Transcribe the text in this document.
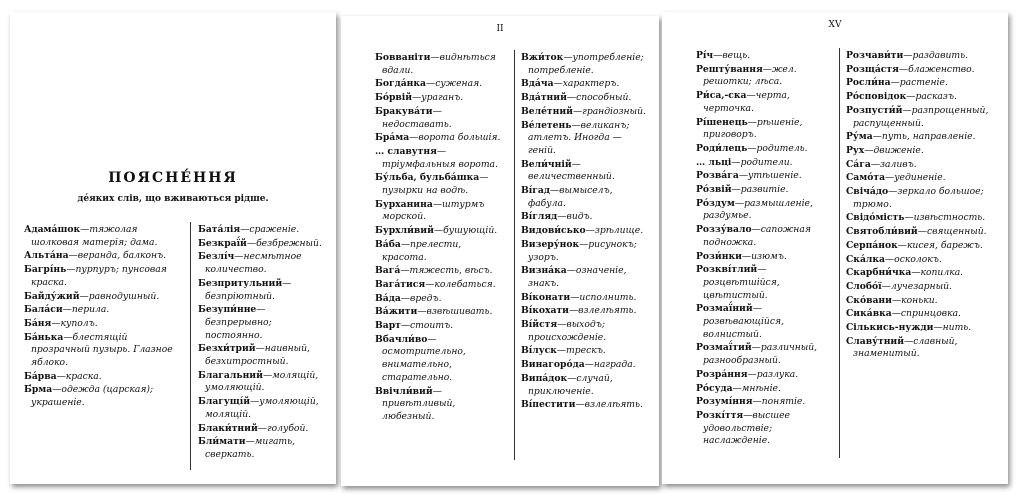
ПОЯСНЕ́ННЯ
де́яких слів, що вживаються рідше.
Адама́шок—тяжолая шолковая матерія; дама.
Альта́на—веранда, балконъ.
Багрі́нь—пурпуръ; пунсовая краска.
Байду́жий—равнодушный.
Бала́си—перила.
Ба́ня—куполъ.
Ба́нька—блестящій прозрачный пузырь. Глазное яблоко.
Ба́рва—краска.
Б́рма—одежда (царская); украшеніе.
Бата́лія—сраженіе.
Безкраї́й—безбрежный.
Безлі́ч—несмѣтное количество.
Безпритульний—безпріютный.
Безупи́нне—безпрерывно; постоянно.
Безхи́трий—наивный, безхитростный.
Благальний—молящій, умоляющій.
Благущі́й—умоляющій, молящій.
Блаки́тний—голубой.
Бли́мати—мигать, сверкать.
II
Бовваніти—виднѣться вдали.
Богда́нка—суженая.
Бо́рвій—ураганъ.
Бракува́ти—недоставать.
Бра́ма—ворота большія.
… славутня—тріумфальныя ворота.
Бу́льба, бульба́шка—пузырки на водѣ.
Бурханина—штурмъ морской.
Бурхли́вий—бушующій.
Ва́ба—прелести, красота.
Вага́—тяжесть, вѣсъ.
Вага́тися—колебаться.
Ва́да—вредъ.
Ва́жити—взвѣшивать.
Варт—стоитъ.
Вбачли́во—осмотрительно, внимательно, старательно.
Ввічли́вий—привѣтливый, любезный.
Вжи́ток—употребленіе; потребленіе.
Вда́ча—характеръ.
Вда́тний—способный.
Веле́тний—грандіозный.
Ве́летень—великанъ; атлетъ. Иногда — геній.
Вели́чній—величественный.
Ві́гад—вымыселъ, фабула.
Ві́гляд—видъ.
Видови́сько—зрѣлище.
Визеру́нок—рисунокъ; узоръ.
Визна́ка—означеніе, знакъ.
Ві́конати—исполнить.
Ві́кохати—взлелѣять.
Ві́йстя—выходъ; происхожденіе.
Ві́луск—трескъ.
Винагоро́да—награда.
Випа́док—случай, приключеніе.
Ві́пестити—взлелѣять.
XV
Рі́ч—вещь.
Решту́вання—жел. решотки; лѣса.
Ри́са,-ска—черта, черточка.
Рі́шенець—рѣшеніе, приговоръ.
Роди́лець—родитель.
… льці—родители.
Розва́га—утѣшеніе.
Ро́звій—развитіе.
Ро́здум—размышленіе, раздумье.
Роззу́вало—сапожная подножка.
Рози́нки—изюмъ.
Розкві́тлий—розцвѣтшійся, цвѣтистый.
Розмаї́ний—розвѣвающійся, волнистый.
Розмаї́тий—различный, разнообразный.
Розра́ння—разлука.
Ро́суда—мнѣніе.
Розумі́ння—понятіе.
Розкі́ття—высшее удовольствіе; наслажденіе.
Розчави́ти—раздавить.
Розща́стя—блаженство.
Росли́на—растеніе.
Ро́сповідок—расказъ.
Розпусти́й—разпрощенный, распущенный.
Ру́ма—путь, направленіе.
Рух—движеніе.
Са́га—заливъ.
Само́та—уединеніе.
Свіча́до—зеркало большое; трюмо.
Свідо́мість—извѣстность.
Святобли́вий—священный.
Серпа́нок—кисея, барежъ.
Ска́лка—осколокъ.
Скарбни́чка—копилка.
Слобо́ї—лучезарный.
Ско́вани—коньки.
Сика́вка—спринцовка.
Сількись-нужди—нить.
Славу́тний—славный, знаменитый.
